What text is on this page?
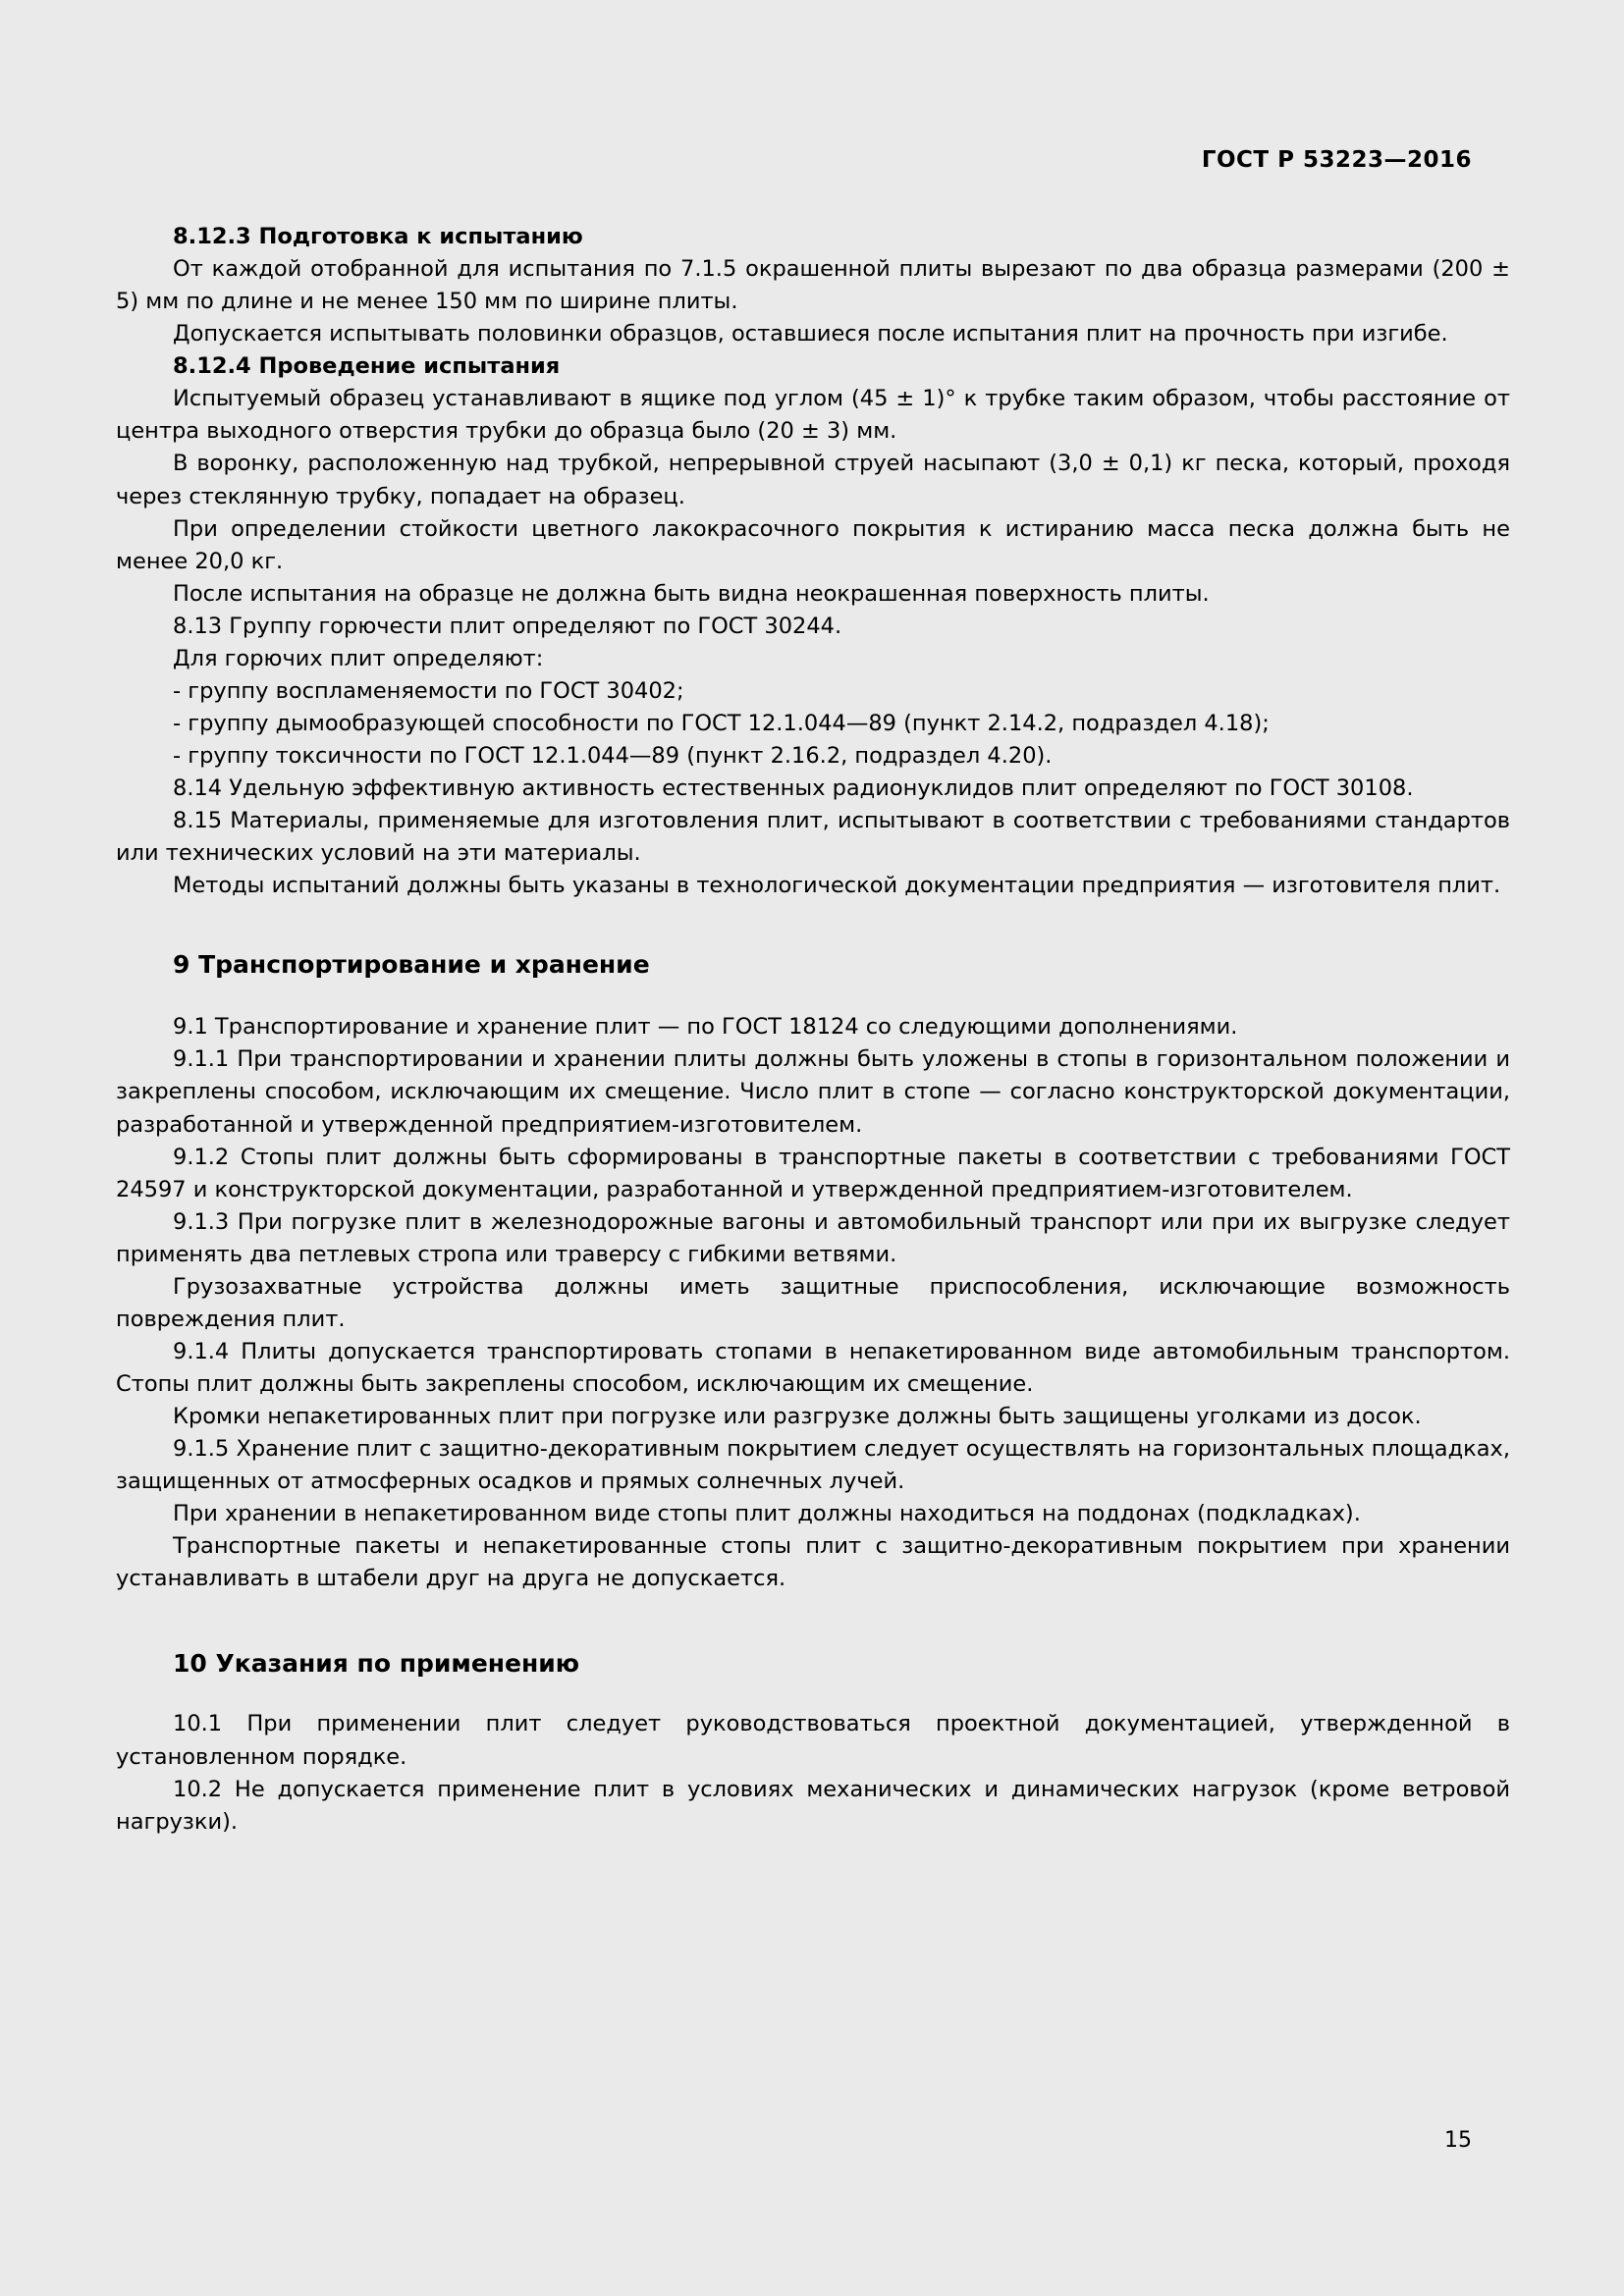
ГОСТ Р 53223—2016

8.12.3 Подготовка к испытанию

От каждой отобранной для испытания по 7.1.5 окрашенной плиты вырезают по два образца размерами (200 ± 5) мм по длине и не менее 150 мм по ширине плиты.

Допускается испытывать половинки образцов, оставшиеся после испытания плит на прочность при изгибе.

8.12.4 Проведение испытания

Испытуемый образец устанавливают в ящике под углом (45 ± 1)° к трубке таким образом, чтобы расстояние от центра выходного отверстия трубки до образца было (20 ± 3) мм.

В воронку, расположенную над трубкой, непрерывной струей насыпают (3,0 ± 0,1) кг песка, который, проходя через стеклянную трубку, попадает на образец.

При определении стойкости цветного лакокрасочного покрытия к истиранию масса песка должна быть не менее 20,0 кг.

После испытания на образце не должна быть видна неокрашенная поверхность плиты.

8.13 Группу горючести плит определяют по ГОСТ 30244.

Для горючих плит определяют:

- группу воспламеняемости по ГОСТ 30402;

- группу дымообразующей способности по ГОСТ 12.1.044—89 (пункт 2.14.2, подраздел 4.18);

- группу токсичности по ГОСТ 12.1.044—89 (пункт 2.16.2, подраздел 4.20).

8.14 Удельную эффективную активность естественных радионуклидов плит определяют по ГОСТ 30108.

8.15 Материалы, применяемые для изготовления плит, испытывают в соответствии с требованиями стандартов или технических условий на эти материалы.

Методы испытаний должны быть указаны в технологической документации предприятия — изготовителя плит.

9 Транспортирование и хранение

9.1 Транспортирование и хранение плит — по ГОСТ 18124 со следующими дополнениями.

9.1.1 При транспортировании и хранении плиты должны быть уложены в стопы в горизонтальном положении и закреплены способом, исключающим их смещение. Число плит в стопе — согласно конструкторской документации, разработанной и утвержденной предприятием-изготовителем.

9.1.2 Стопы плит должны быть сформированы в транспортные пакеты в соответствии с требованиями ГОСТ 24597 и конструкторской документации, разработанной и утвержденной предприятием-изготовителем.

9.1.3 При погрузке плит в железнодорожные вагоны и автомобильный транспорт или при их выгрузке следует применять два петлевых стропа или траверсу с гибкими ветвями.

Грузозахватные устройства должны иметь защитные приспособления, исключающие возможность повреждения плит.

9.1.4 Плиты допускается транспортировать стопами в непакетированном виде автомобильным транспортом. Стопы плит должны быть закреплены способом, исключающим их смещение.

Кромки непакетированных плит при погрузке или разгрузке должны быть защищены уголками из досок.

9.1.5 Хранение плит с защитно-декоративным покрытием следует осуществлять на горизонтальных площадках, защищенных от атмосферных осадков и прямых солнечных лучей.

При хранении в непакетированном виде стопы плит должны находиться на поддонах (подкладках).

Транспортные пакеты и непакетированные стопы плит с защитно-декоративным покрытием при хранении устанавливать в штабели друг на друга не допускается.

10 Указания по применению

10.1 При применении плит следует руководствоваться проектной документацией, утвержденной в установленном порядке.

10.2 Не допускается применение плит в условиях механических и динамических нагрузок (кроме ветровой нагрузки).

15
